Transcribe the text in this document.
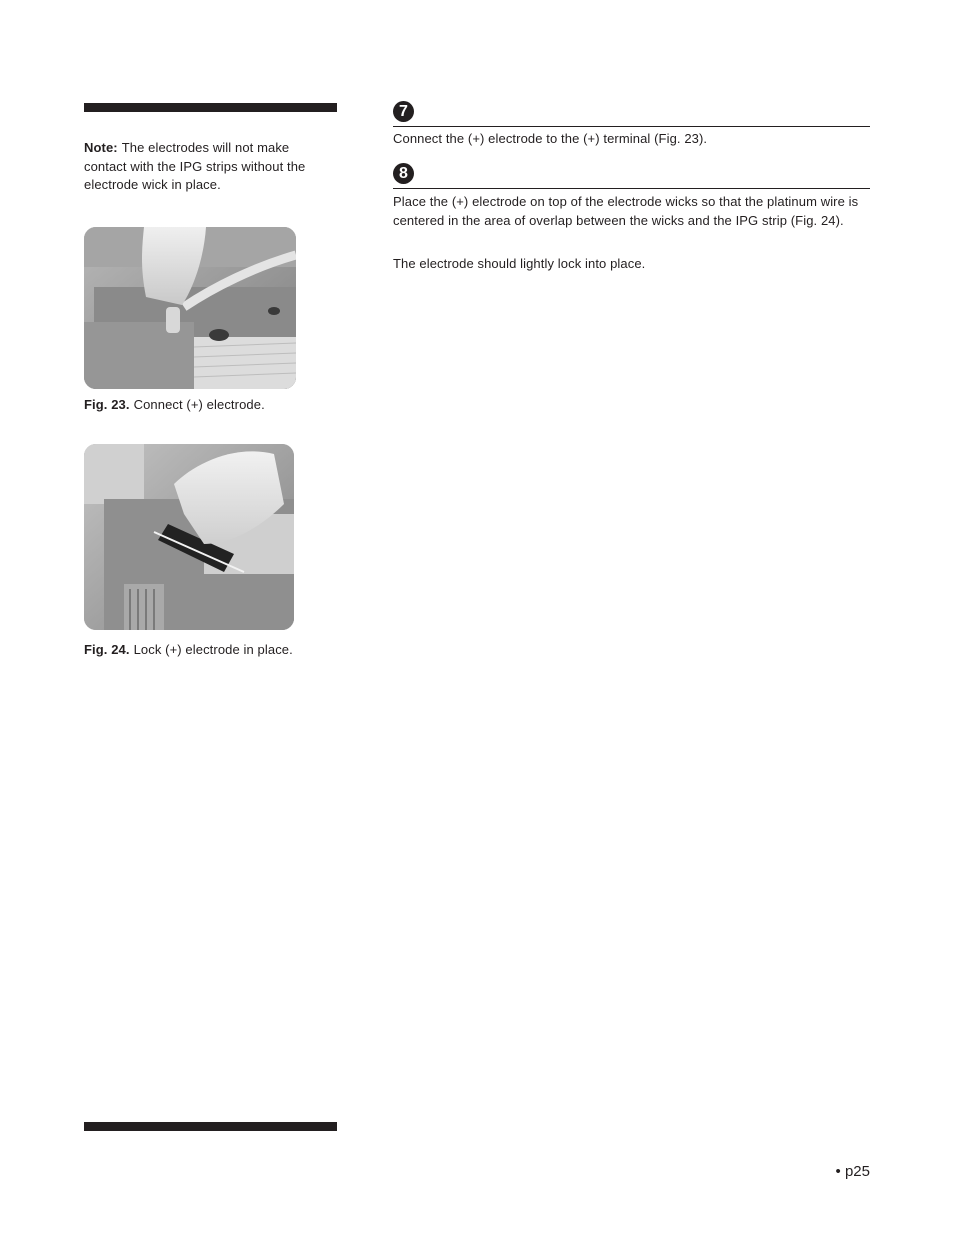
Note: The electrodes will not make contact with the IPG strips without the electrode wick in place.
Fig. 23. Connect (+) electrode.
Fig. 24. Lock (+) electrode in place.
7

Connect the (+) electrode to the (+) terminal (Fig. 23).

8

Place the (+) electrode on top of the electrode wicks so that the platinum wire is centered in the area of overlap between the wicks and the IPG strip (Fig. 24).

The electrode should lightly lock into place.

• p25
